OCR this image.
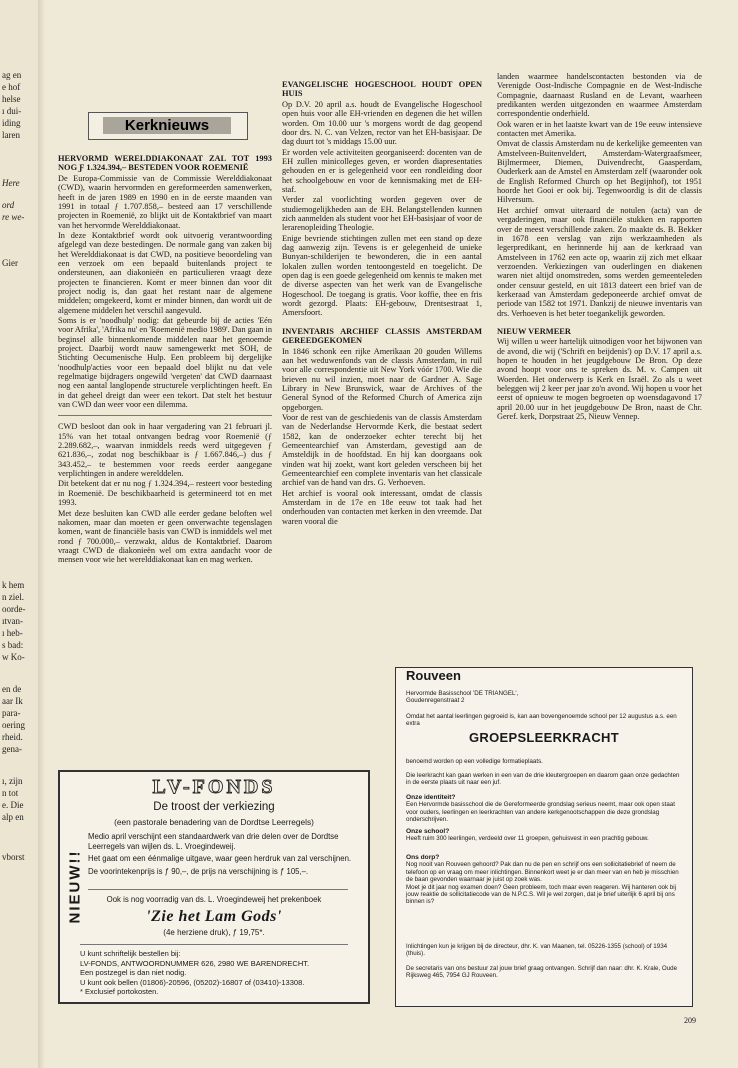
ag en
e hof
helse
ı dui-
iding
laren
Here
ord
re we-
Gier
k hem
n ziel.
oorde-
ıtvan-
ı heb-
s bad:
w Ko-
en de
aar Ik
para-
oering
rheid.
gena-
ı, zijn
n tot
e. Die
alp en
vborst
Kerknieuws
HERVORMD WERELDDIAKONAAT ZAL TOT 1993 NOG Ƒ 1.324.394,– BESTEDEN VOOR ROEMENIË

De Europa-Commissie van de Commissie Werelddiakonaat (CWD), waarin hervormden en gereformeerden samenwerken, heeft in de jaren 1989 en 1990 en in de eerste maanden van 1991 in totaal ƒ 1.707.858,– besteed aan 17 verschillende projecten in Roemenië, zo blijkt uit de Kontaktbrief van maart van het hervormde Werelddiakonaat.

In deze Kontaktbrief wordt ook uitvoerig verantwoording afgelegd van deze bestedingen. De normale gang van zaken bij het Werelddiakonaat is dat CWD, na positieve beoordeling van een verzoek om een bepaald buitenlands project te ondersteunen, aan diakonieën en particulieren vraagt deze projecten te financieren. Komt er meer binnen dan voor dit project nodig is, dan gaat het restant naar de algemene middelen; omgekeerd, komt er minder binnen, dan wordt uit de algemene middelen het verschil aangevuld.

Soms is er 'noodhulp' nodig: dat gebeurde bij de acties 'Eén voor Afrika', 'Afrika nu' en 'Roemenië medio 1989'. Dan gaan in beginsel alle binnenkomende middelen naar het genoemde project. Daarbij wordt nauw samengewerkt met SOH, de Stichting Oecumenische Hulp. Een probleem bij dergelijke 'noodhulp'acties voor een bepaald doel blijkt nu dat vele regelmatige bijdragers ongewild 'vergeten' dat CWD daarnaast nog een aantal langlopende structurele verplichtingen heeft. En in dat geheel dreigt dan weer een tekort. Dat stelt het bestuur van CWD dan weer voor een dilemma.

CWD besloot dan ook in haar vergadering van 21 februari jl. 15% van het totaal ontvangen bedrag voor Roemenië (ƒ 2.289.682,–, waarvan inmiddels reeds werd uitgegeven ƒ 621.836,–, zodat nog beschikbaar is ƒ 1.667.846,–) dus ƒ 343.452,– te bestemmen voor reeds eerder aangegane verplichtingen in andere werelddelen.

Dit betekent dat er nu nog ƒ 1.324.394,– resteert voor besteding in Roemenië. De beschikbaarheid is getermineerd tot en met 1993.

Met deze besluiten kan CWD alle eerder gedane beloften wel nakomen, maar dan moeten er geen onverwachte tegenslagen komen, want de financiële basis van CWD is inmiddels wel met rond ƒ 700.000,– verzwakt, aldus de Kontaktbrief. Daarom vraagt CWD de diakonieën wel om extra aandacht voor de mensen voor wie het werelddiakonaat kan en mag werken.

EVANGELISCHE HOGESCHOOL HOUDT OPEN HUIS

Op D.V. 20 april a.s. houdt de Evangelische Hogeschool open huis voor alle EH-vrienden en degenen die het willen worden. Om 10.00 uur 's morgens wordt de dag geopend door drs. N. C. van Velzen, rector van het EH-basisjaar. De dag duurt tot 's middags 15.00 uur.

Er worden vele activiteiten georganiseerd: docenten van de EH zullen minicolleges geven, er worden diapresentaties gehouden en er is gelegenheid voor een rondleiding door het schoolgebouw en voor de kennismaking met de EH-staf.

Verder zal voorlichting worden gegeven over de studiemogelijkheden aan de EH. Belangstellenden kunnen zich aanmelden als student voor het EH-basisjaar of voor de lerarenopleiding Theologie.

Enige bevriende stichtingen zullen met een stand op deze dag aanwezig zijn. Tevens is er gelegenheid de unieke Bunyan-schilderijen te bewonderen, die in een aantal lokalen zullen worden tentoongesteld en toegelicht. De open dag is een goede gelegenheid om kennis te maken met de diverse aspecten van het werk van de Evangelische Hogeschool. De toegang is gratis. Voor koffie, thee en fris wordt gezorgd. Plaats: EH-gebouw, Drentsestraat 1, Amersfoort.

INVENTARIS ARCHIEF CLASSIS AMSTERDAM GEREEDGEKOMEN

In 1846 schonk een rijke Amerikaan 20 gouden Willems aan het weduwenfonds van de classis Amsterdam, in ruil voor alle correspondentie uit New York vóór 1700. Wie die brieven nu wil inzien, moet naar de Gardner A. Sage Library in New Brunswick, waar de Archives of the General Synod of the Reformed Church of America zijn opgeborgen.

Voor de rest van de geschiedenis van de classis Amsterdam van de Nederlandse Hervormde Kerk, die bestaat sedert 1582, kan de onderzoeker echter terecht bij het Gemeentearchief van Amsterdam, gevestigd aan de Amsteldijk in de hoofdstad. En hij kan doorgaans ook vinden wat hij zoekt, want kort geleden verscheen bij het Gemeentearchief een complete inventaris van het classicale archief van de hand van drs. G. Verhoeven.

Het archief is vooral ook interessant, omdat de classis Amsterdam in de 17e en 18e eeuw tot taak had het onderhouden van contacten met kerken in den vreemde. Dat waren vooral die

landen waarmee handelscontacten bestonden via de Verenigde Oost-Indische Compagnie en de West-Indische Compagnie, daarnaast Rusland en de Levant, waarheen predikanten werden uitgezonden en waarmee Amsterdam correspondentie onderhield.

Ook waren er in het laatste kwart van de 19e eeuw intensieve contacten met Amerika.

Omvat de classis Amsterdam nu de kerkelijke gemeenten van Amstelveen-Buitenveldert, Amsterdam-Watergraafsmeer, Bijlmermeer, Diemen, Duivendrecht, Gaasperdam, Ouderkerk aan de Amstel en Amsterdam zelf (waaronder ook de English Reformed Church op het Begijnhof), tot 1951 hoorde het Gooi er ook bij. Tegenwoordig is dit de classis Hilversum.

Het archief omvat uiteraard de notulen (acta) van de vergaderingen, maar ook financiële stukken en rapporten over de meest verschillende zaken. Zo maakte ds. B. Bekker in 1678 een verslag van zijn werkzaamheden als legerpredikant, en herinnerde hij aan de kerkraad van Amstelveen in 1762 een acte op, waarin zij zich met elkaar verzoenden. Verkiezingen van ouderlingen en diakenen waren niet altijd onomstreden, soms werden gemeenteleden onder censuur gesteld, en uit 1813 dateert een brief van de kerkeraad van Amsterdam gedeponeerde archief omvat de periode van 1582 tot 1971. Dankzij de nieuwe inventaris van drs. Verhoeven is het beter toegankelijk geworden.

NIEUW VERMEER

Wij willen u weer hartelijk uitnodigen voor het bijwonen van de avond, die wij ('Schrift en beijdenis') op D.V. 17 april a.s. hopen te houden in het jeugdgebouw De Bron. Op deze avond hoopt voor ons te spreken ds. M. v. Campen uit Woerden. Het onderwerp is Kerk en Israël. Zo als u weet beleggen wij 2 keer per jaar zo'n avond. Wij hopen u voor het eerst of opnieuw te mogen begroeten op woensdagavond 17 april 20.00 uur in het jeugdgebouw De Bron, naast de Chr. Geref. kerk, Dorpstraat 25, Nieuw Vennep.

LV-FONDS
De troost der verkiezing
(een pastorale benadering van de Dordtse Leerregels)
NIEUW!!

Medio april verschijnt een standaardwerk van drie delen over de Dordtse Leerregels van wijlen ds. L. Vroegindeweij.

Het gaat om een éénmalige uitgave, waar geen herdruk van zal verschijnen.

De voorintekenprijs is ƒ 90,–, de prijs na verschijning is ƒ 105,–.

Ook is nog voorradig van ds. L. Vroegindeweij het prekenboek
'Zie het Lam Gods'
(4e herziene druk), ƒ 19,75*.
U kunt schriftelijk bestellen bij:
LV-FONDS, ANTWOORDNUMMER 626, 2980 WE BARENDRECHT.
Een postzegel is dan niet nodig.
U kunt ook bellen (01806)-20596, (05202)-16807 of (03410)-13308.
* Exclusief portokosten.
Rouveen
Hervormde Basisschool 'DE TRIANGEL',
Goudenregenstraat 2
Omdat het aantal leerlingen gegroeid is, kan aan bovengenoemde school per 12 augustus a.s. een extra
GROEPSLEERKRACHT
benoemd worden op een volledige formatieplaats.
Die leerkracht kan gaan werken in een van de drie kleutergroepen en daarom gaan onze gedachten in de eerste plaats uit naar een juf.
Onze identiteit?
Een Hervormde basisschool die de Gereformeerde grondslag serieus neemt, maar ook open staat voor ouders, leerlingen en leerkrachten van andere kerkgenootschappen die deze grondslag onderschrijven.
Onze school?
Heeft ruim 300 leerlingen, verdeeld over 11 groepen, gehuisvest in een prachtig gebouw.
Ons dorp?
Nog nooit van Rouveen gehoord? Pak dan nu de pen en schrijf ons een sollicitatiebrief of neem de telefoon op en vraag om meer inlichtingen. Binnenkort weet je er dan meer van en heb je misschien de baan gevonden waarnaar je juist op zoek was.
Moet je dit jaar nog examen doen? Geen probleem, toch maar even reageren. Wij hanteren ook bij jouw reaktie de sollicitatiecode van de N.P.C.S. Wil je wel zorgen, dat je brief uiterlijk 6 april bij ons binnen is?
Inlichtingen kun je krijgen bij de directeur, dhr. K. van Maanen, tel. 05226-1355 (school) of 1934 (thuis).
De secretaris van ons bestuur zal jouw brief graag ontvangen. Schrijf dan naar: dhr. K. Krale, Oude Rijksweg 465, 7954 GJ Rouveen.
209
